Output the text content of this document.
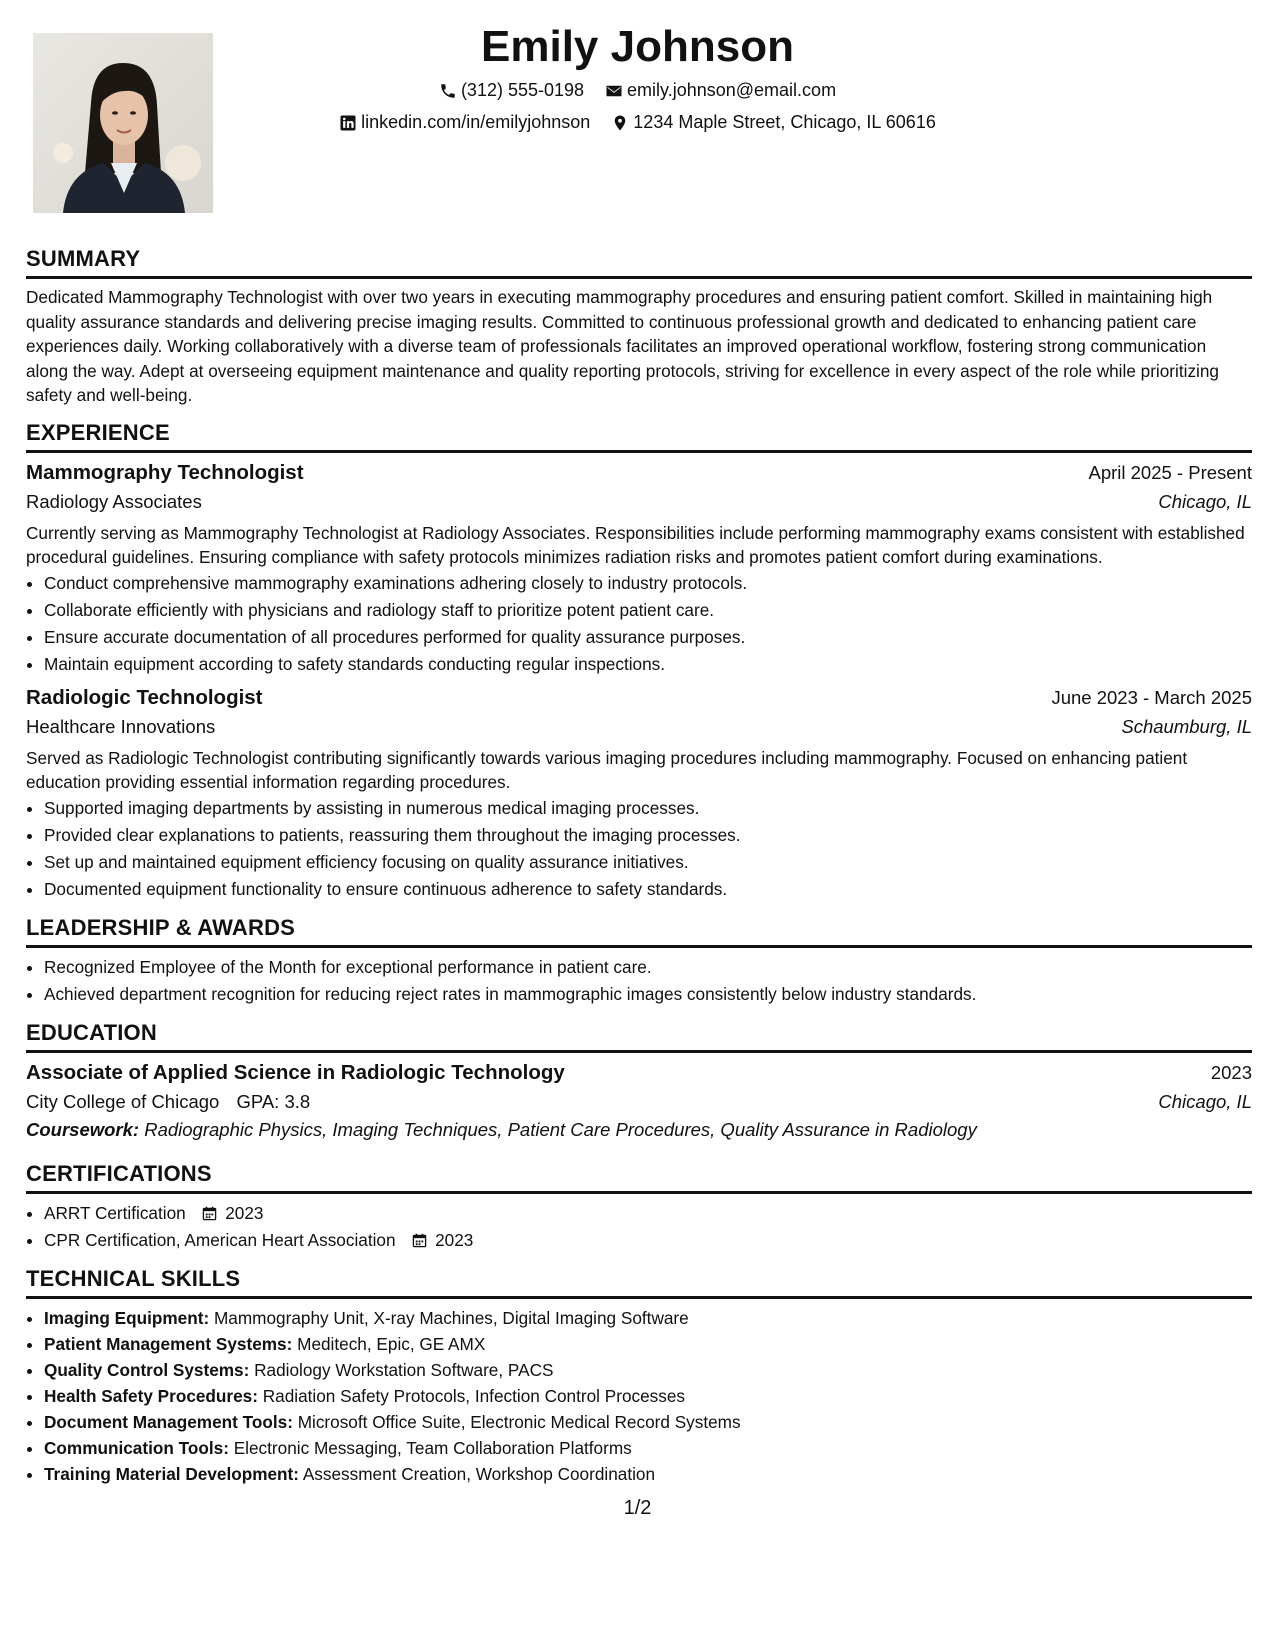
Emily Johnson
(312) 555-0198
emily.johnson@email.com
linkedin.com/in/emilyjohnson
1234 Maple Street, Chicago, IL 60616
SUMMARY

Dedicated Mammography Technologist with over two years in executing mammography procedures and ensuring patient comfort. Skilled in maintaining high quality assurance standards and delivering precise imaging results. Committed to continuous professional growth and dedicated to enhancing patient care experiences daily. Working collaboratively with a diverse team of professionals facilitates an improved operational workflow, fostering strong communication along the way. Adept at overseeing equipment maintenance and quality reporting protocols, striving for excellence in every aspect of the role while prioritizing safety and well-being.

EXPERIENCE
Mammography Technologist	April 2025 - Present
Radiology Associates	Chicago, IL

Currently serving as Mammography Technologist at Radiology Associates. Responsibilities include performing mammography exams consistent with established procedural guidelines. Ensuring compliance with safety protocols minimizes radiation risks and promotes patient comfort during examinations.

• Conduct comprehensive mammography examinations adhering closely to industry protocols.
• Collaborate efficiently with physicians and radiology staff to prioritize potent patient care.
• Ensure accurate documentation of all procedures performed for quality assurance purposes.
• Maintain equipment according to safety standards conducting regular inspections.
Radiologic Technologist	June 2023 - March 2025
Healthcare Innovations	Schaumburg, IL

Served as Radiologic Technologist contributing significantly towards various imaging procedures including mammography. Focused on enhancing patient education providing essential information regarding procedures.

• Supported imaging departments by assisting in numerous medical imaging processes.
• Provided clear explanations to patients, reassuring them throughout the imaging processes.
• Set up and maintained equipment efficiency focusing on quality assurance initiatives.
• Documented equipment functionality to ensure continuous adherence to safety standards.
LEADERSHIP & AWARDS
• Recognized Employee of the Month for exceptional performance in patient care.
• Achieved department recognition for reducing reject rates in mammographic images consistently below industry standards.
EDUCATION
Associate of Applied Science in Radiologic Technology	2023
City College of Chicago GPA: 3.8	Chicago, IL
Coursework: Radiographic Physics, Imaging Techniques, Patient Care Procedures, Quality Assurance in Radiology
CERTIFICATIONS
• ARRT Certification 2023
• CPR Certification, American Heart Association 2023
TECHNICAL SKILLS
• Imaging Equipment: Mammography Unit, X-ray Machines, Digital Imaging Software
• Patient Management Systems: Meditech, Epic, GE AMX
• Quality Control Systems: Radiology Workstation Software, PACS
• Health Safety Procedures: Radiation Safety Protocols, Infection Control Processes
• Document Management Tools: Microsoft Office Suite, Electronic Medical Record Systems
• Communication Tools: Electronic Messaging, Team Collaboration Platforms
• Training Material Development: Assessment Creation, Workshop Coordination
1/2
